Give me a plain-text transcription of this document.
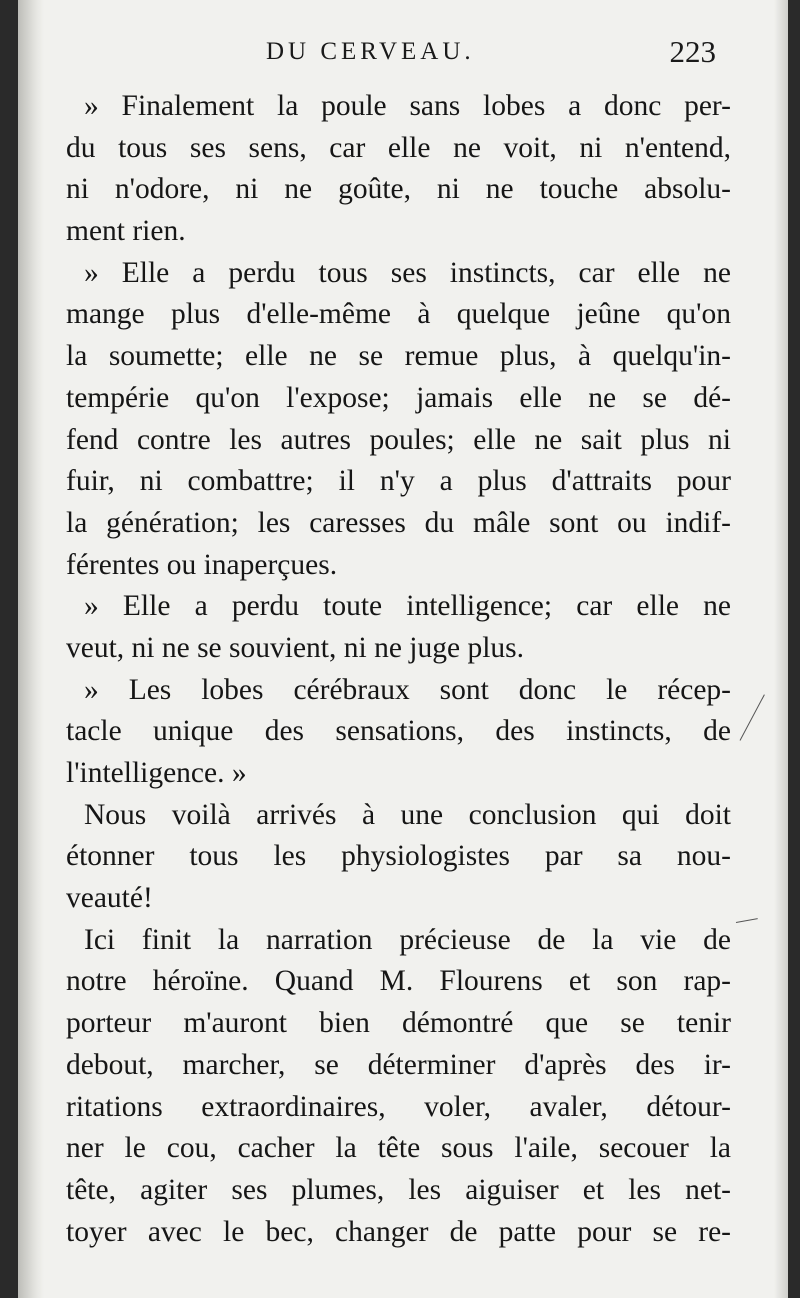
DU CERVEAU.	223
» Finalement la poule sans lobes a donc per-
du tous ses sens, car elle ne voit, ni n'entend,
ni n'odore, ni ne goûte, ni ne touche absolu-
ment rien.
» Elle a perdu tous ses instincts, car elle ne
mange plus d'elle-même à quelque jeûne qu'on
la soumette; elle ne se remue plus, à quelqu'in-
tempérie qu'on l'expose; jamais elle ne se dé-
fend contre les autres poules; elle ne sait plus ni
fuir, ni combattre; il n'y a plus d'attraits pour
la génération; les caresses du mâle sont ou indif-
férentes ou inaperçues.
» Elle a perdu toute intelligence; car elle ne
veut, ni ne se souvient, ni ne juge plus.
» Les lobes cérébraux sont donc le récep-
tacle unique des sensations, des instincts, de
l'intelligence. »
Nous voilà arrivés à une conclusion qui doit
étonner tous les physiologistes par sa nou-
veauté!
Ici finit la narration précieuse de la vie de
notre héroïne. Quand M. Flourens et son rap-
porteur m'auront bien démontré que se tenir
debout, marcher, se déterminer d'après des ir-
ritations extraordinaires, voler, avaler, détour-
ner le cou, cacher la tête sous l'aile, secouer la
tête, agiter ses plumes, les aiguiser et les net-
toyer avec le bec, changer de patte pour se re-
